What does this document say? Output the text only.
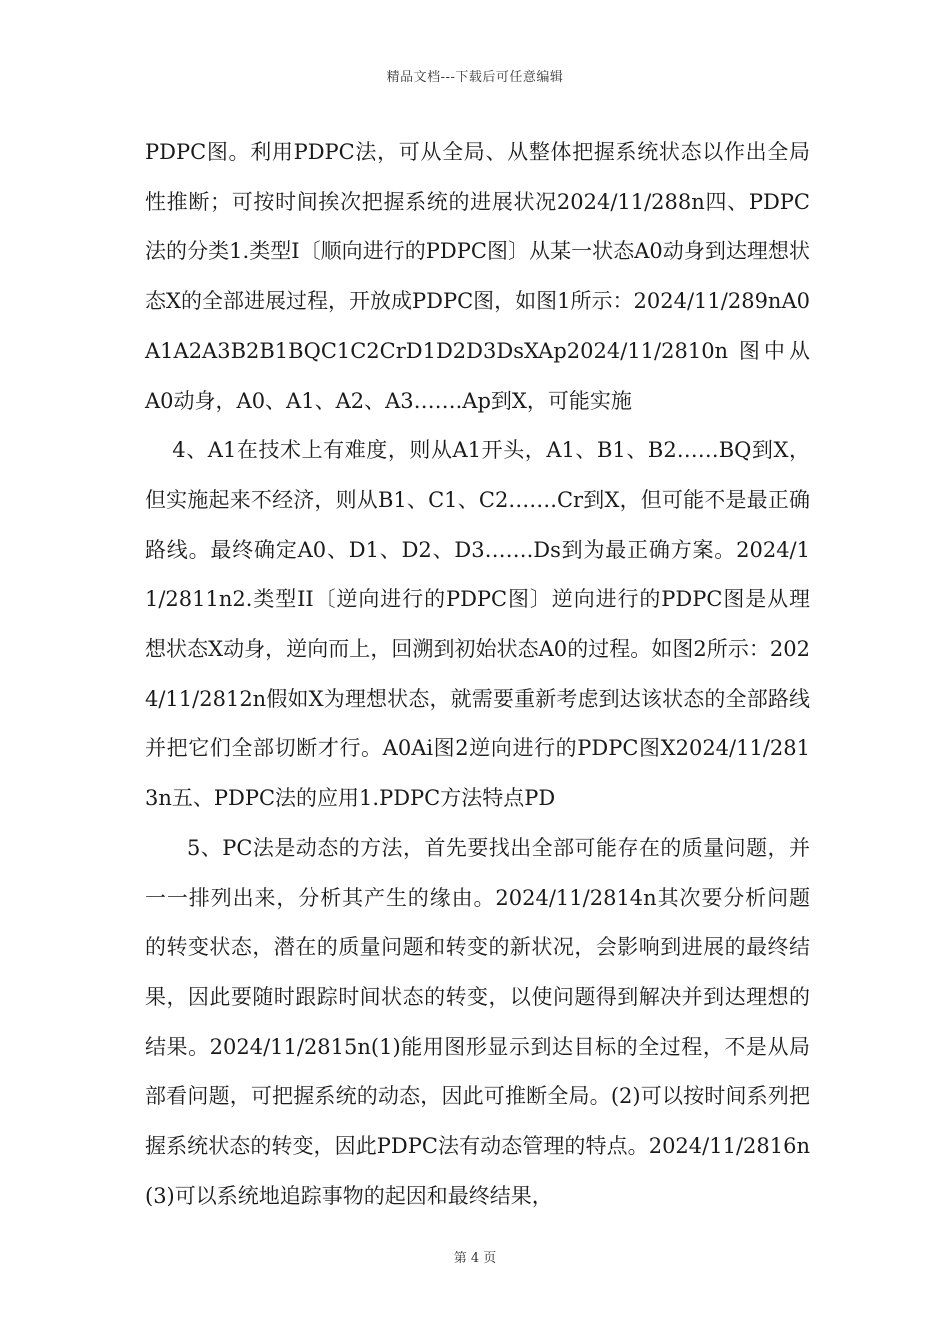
精品文档---下载后可任意编辑

PDPC图。利用PDPC法，可从全局、从整体把握系统状态以作出全局性推断；可按时间挨次把握系统的进展状况2024/11/288n四、PDPC法的分类1.类型I〔顺向进行的PDPC图〕从某一状态A0动身到达理想状态X的全部进展过程，开放成PDPC图，如图1所示：2024/11/289nA0A1A2A3B2B1BQC1C2CrD1D2D3DsXAp2024/11/2810n 图中从A0动身，A0、A1、A2、A3…….Ap到X，可能实施

4、A1在技术上有难度，则从A1开头，A1、B1、B2……BQ到X，但实施起来不经济，则从B1、C1、C2…….Cr到X，但可能不是最正确路线。最终确定A0、D1、D2、D3…….Ds到为最正确方案。2024/11/2811n2.类型II〔逆向进行的PDPC图〕逆向进行的PDPC图是从理想状态X动身，逆向而上，回溯到初始状态A0的过程。如图2所示：2024/11/2812n假如X为理想状态，就需要重新考虑到达该状态的全部路线并把它们全部切断才行。A0Ai图2逆向进行的PDPC图X2024/11/2813n五、PDPC法的应用1.PDPC方法特点PD

5、PC法是动态的方法，首先要找出全部可能存在的质量问题，并一一排列出来，分析其产生的缘由。2024/11/2814n其次要分析问题的转变状态，潜在的质量问题和转变的新状况，会影响到进展的最终结果，因此要随时跟踪时间状态的转变，以使问题得到解决并到达理想的结果。2024/11/2815n(1)能用图形显示到达目标的全过程，不是从局部看问题，可把握系统的动态，因此可推断全局。(2)可以按时间系列把握系统状态的转变，因此PDPC法有动态管理的特点。2024/11/2816n(3)可以系统地追踪事物的起因和最终结果，

第 4 页
